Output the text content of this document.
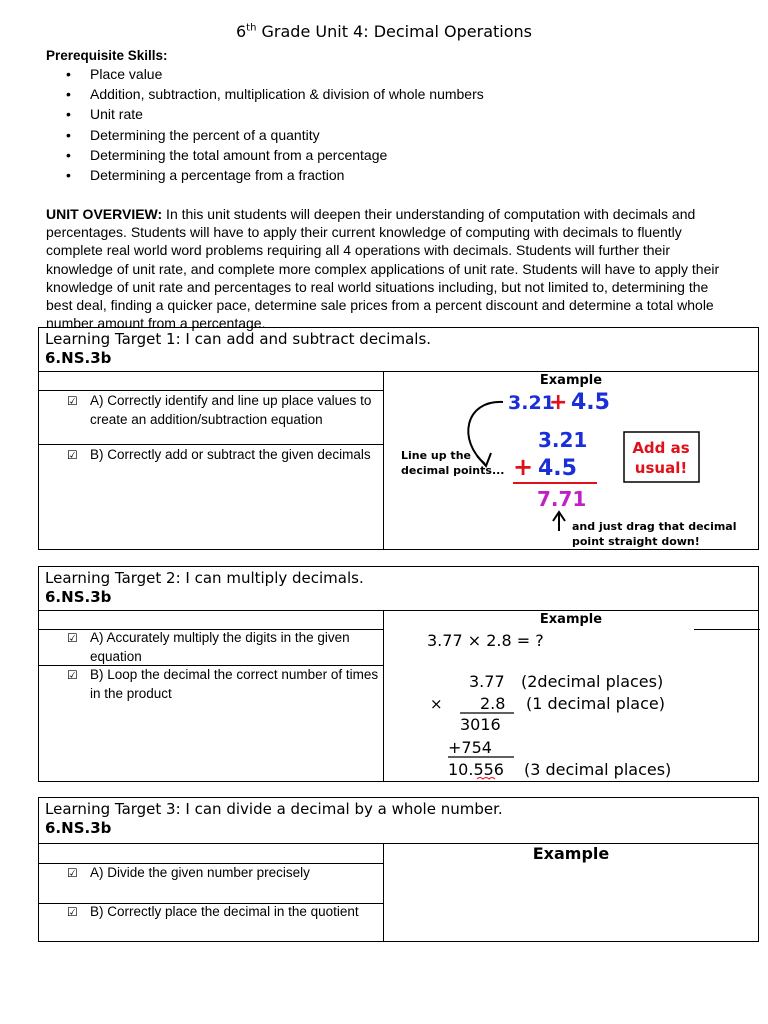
6th Grade Unit 4: Decimal Operations
Prerequisite Skills:
• Place value
• Addition, subtraction, multiplication & division of whole numbers
• Unit rate
• Determining the percent of a quantity
• Determining the total amount from a percentage
• Determining a percentage from a fraction
UNIT OVERVIEW: In this unit students will deepen their understanding of computation with decimals and percentages. Students will have to apply their current knowledge of computing with decimals to fluently complete real world word problems requiring all 4 operations with decimals. Students will further their knowledge of unit rate, and complete more complex applications of unit rate. Students will have to apply their knowledge of unit rate and percentages to real world situations including, but not limited to, determining the best deal, finding a quicker pace, determine sale prices from a percent discount and determine a total whole number amount from a percentage.
Learning Target 1: I can add and subtract decimals.
6.NS.3b
Example
☑ A) Correctly identify and line up place values to create an addition/subtraction equation
☑ B) Correctly add or subtract the given decimals
3.21
+ 4.5
3.21
+ 4.5
7.71
Line up the
decimal points...
Add as
usual!
and just drag that decimal
point straight down!
Learning Target 2: I can multiply decimals.
6.NS.3b
Example
☑ A) Accurately multiply the digits in the given equation
☑ B) Loop the decimal the correct number of times in the product
3.77 × 2.8 = ?
3.77 (2decimal places)
× 2.8 (1 decimal place)
3016
+754
10.556 (3 decimal places)
Learning Target 3: I can divide a decimal by a whole number.
6.NS.3b
Example
☑ A) Divide the given number precisely
☑ B) Correctly place the decimal in the quotient
